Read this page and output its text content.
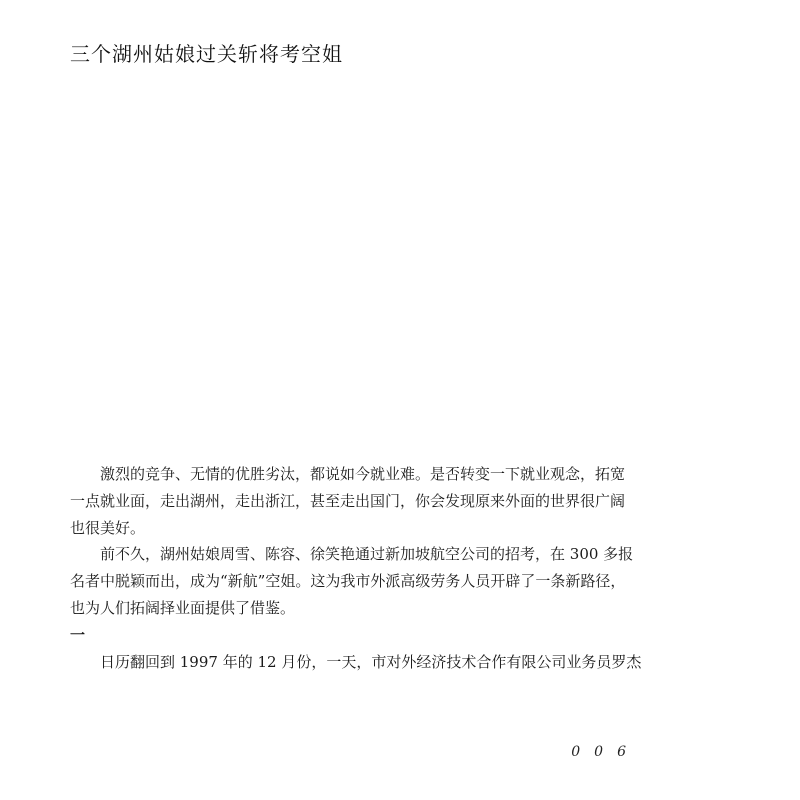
三个湖州姑娘过关斩将考空姐

激烈的竞争、无情的优胜劣汰，都说如今就业难。是否转变一下就业观念，拓宽
一点就业面，走出湖州，走出浙江，甚至走出国门，你会发现原来外面的世界很广阔
也很美好。

前不久，湖州姑娘周雪、陈容、徐笑艳通过新加坡航空公司的招考，在 300 多报
名者中脱颖而出，成为“新航”空姐。这为我市外派高级劳务人员开辟了一条新路径，
也为人们拓阔择业面提供了借鉴。

一

日历翻回到 1997 年的 12 月份，一天，市对外经济技术合作有限公司业务员罗杰

006
